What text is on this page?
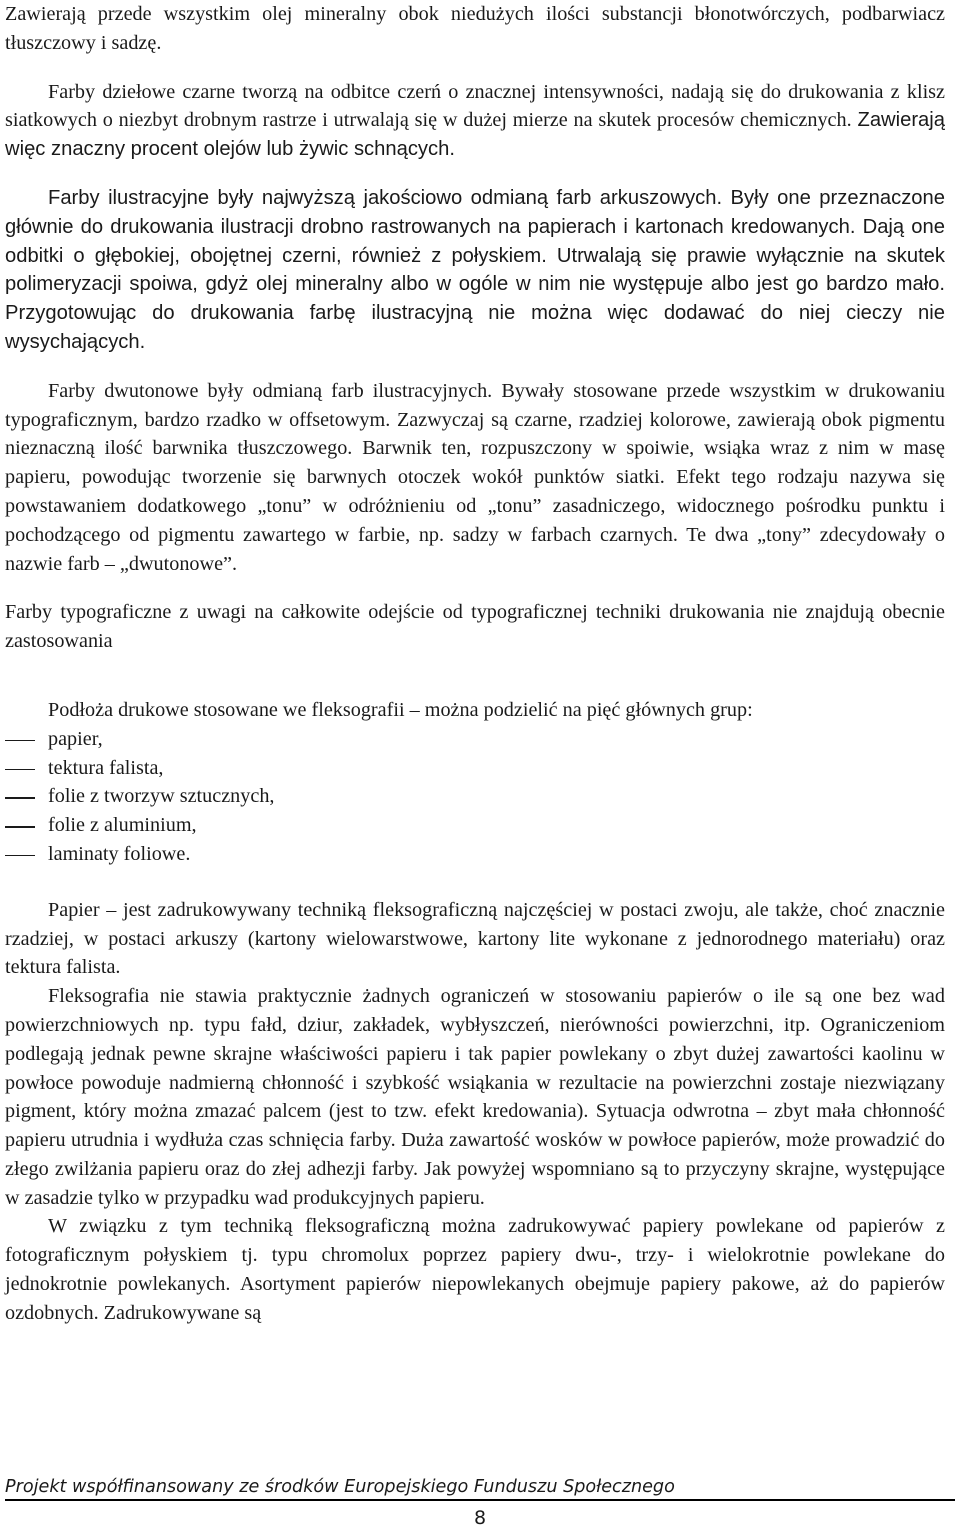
Zawierają przede wszystkim olej mineralny obok niedużych ilości substancji błonotwórczych, podbarwiacz tłuszczowy i sadzę.

Farby dziełowe czarne tworzą na odbitce czerń o znacznej intensywności, nadają się do drukowania z klisz siatkowych o niezbyt drobnym rastrze i utrwalają się w dużej mierze na skutek procesów chemicznych. Zawierają więc znaczny procent olejów lub żywic schnących.

Farby ilustracyjne były najwyższą jakościowo odmianą farb arkuszowych. Były one przeznaczone głównie do drukowania ilustracji drobno rastrowanych na papierach i kartonach kredowanych. Dają one odbitki o głębokiej, obojętnej czerni, również z połyskiem. Utrwalają się prawie wyłącznie na skutek polimeryzacji spoiwa, gdyż olej mineralny albo w ogóle w nim nie występuje albo jest go bardzo mało. Przygotowując do drukowania farbę ilustracyjną nie można więc dodawać do niej cieczy nie wysychających.

Farby dwutonowe były odmianą farb ilustracyjnych. Bywały stosowane przede wszystkim w drukowaniu typograficznym, bardzo rzadko w offsetowym. Zazwyczaj są czarne, rzadziej kolorowe, zawierają obok pigmentu nieznaczną ilość barwnika tłuszczowego. Barwnik ten, rozpuszczony w spoiwie, wsiąka wraz z nim w masę papieru, powodując tworzenie się barwnych otoczek wokół punktów siatki. Efekt tego rodzaju nazywa się powstawaniem dodatkowego „tonu” w odróżnieniu od „tonu” zasadniczego, widocznego pośrodku punktu i pochodzącego od pigmentu zawartego w farbie, np. sadzy w farbach czarnych. Te dwa „tony” zdecydowały o nazwie farb – „dwutonowe”.

Farby typograficzne z uwagi na całkowite odejście od typograficznej techniki drukowania nie znajdują obecnie zastosowania

Podłoża drukowe stosowane we fleksografii – można podzielić na pięć głównych grup:

papier,
tektura falista,
folie z tworzyw sztucznych,
folie z aluminium,
laminaty foliowe.

Papier – jest zadrukowywany techniką fleksograficzną najczęściej w postaci zwoju, ale także, choć znacznie rzadziej, w postaci arkuszy (kartony wielowarstwowe, kartony lite wykonane z jednorodnego materiału) oraz tektura falista.

Fleksografia nie stawia praktycznie żadnych ograniczeń w stosowaniu papierów o ile są one bez wad powierzchniowych np. typu fałd, dziur, zakładek, wybłyszczeń, nierówności powierzchni, itp. Ograniczeniom podlegają jednak pewne skrajne właściwości papieru i tak papier powlekany o zbyt dużej zawartości kaolinu w powłoce powoduje nadmierną chłonność i szybkość wsiąkania w rezultacie na powierzchni zostaje niezwiązany pigment, który można zmazać palcem (jest to tzw. efekt kredowania). Sytuacja odwrotna – zbyt mała chłonność papieru utrudnia i wydłuża czas schnięcia farby. Duża zawartość wosków w powłoce papierów, może prowadzić do złego zwilżania papieru oraz do złej adhezji farby. Jak powyżej wspomniano są to przyczyny skrajne, występujące w zasadzie tylko w przypadku wad produkcyjnych papieru.

W związku z tym techniką fleksograficzną można zadrukowywać papiery powlekane od papierów z fotograficznym połyskiem tj. typu chromolux poprzez papiery dwu-, trzy- i wielokrotnie powlekane do jednokrotnie powlekanych. Asortyment papierów niepowlekanych obejmuje papiery pakowe, aż do papierów ozdobnych. Zadrukowywane są

Projekt współfinansowany ze środków Europejskiego Funduszu Społecznego
8
